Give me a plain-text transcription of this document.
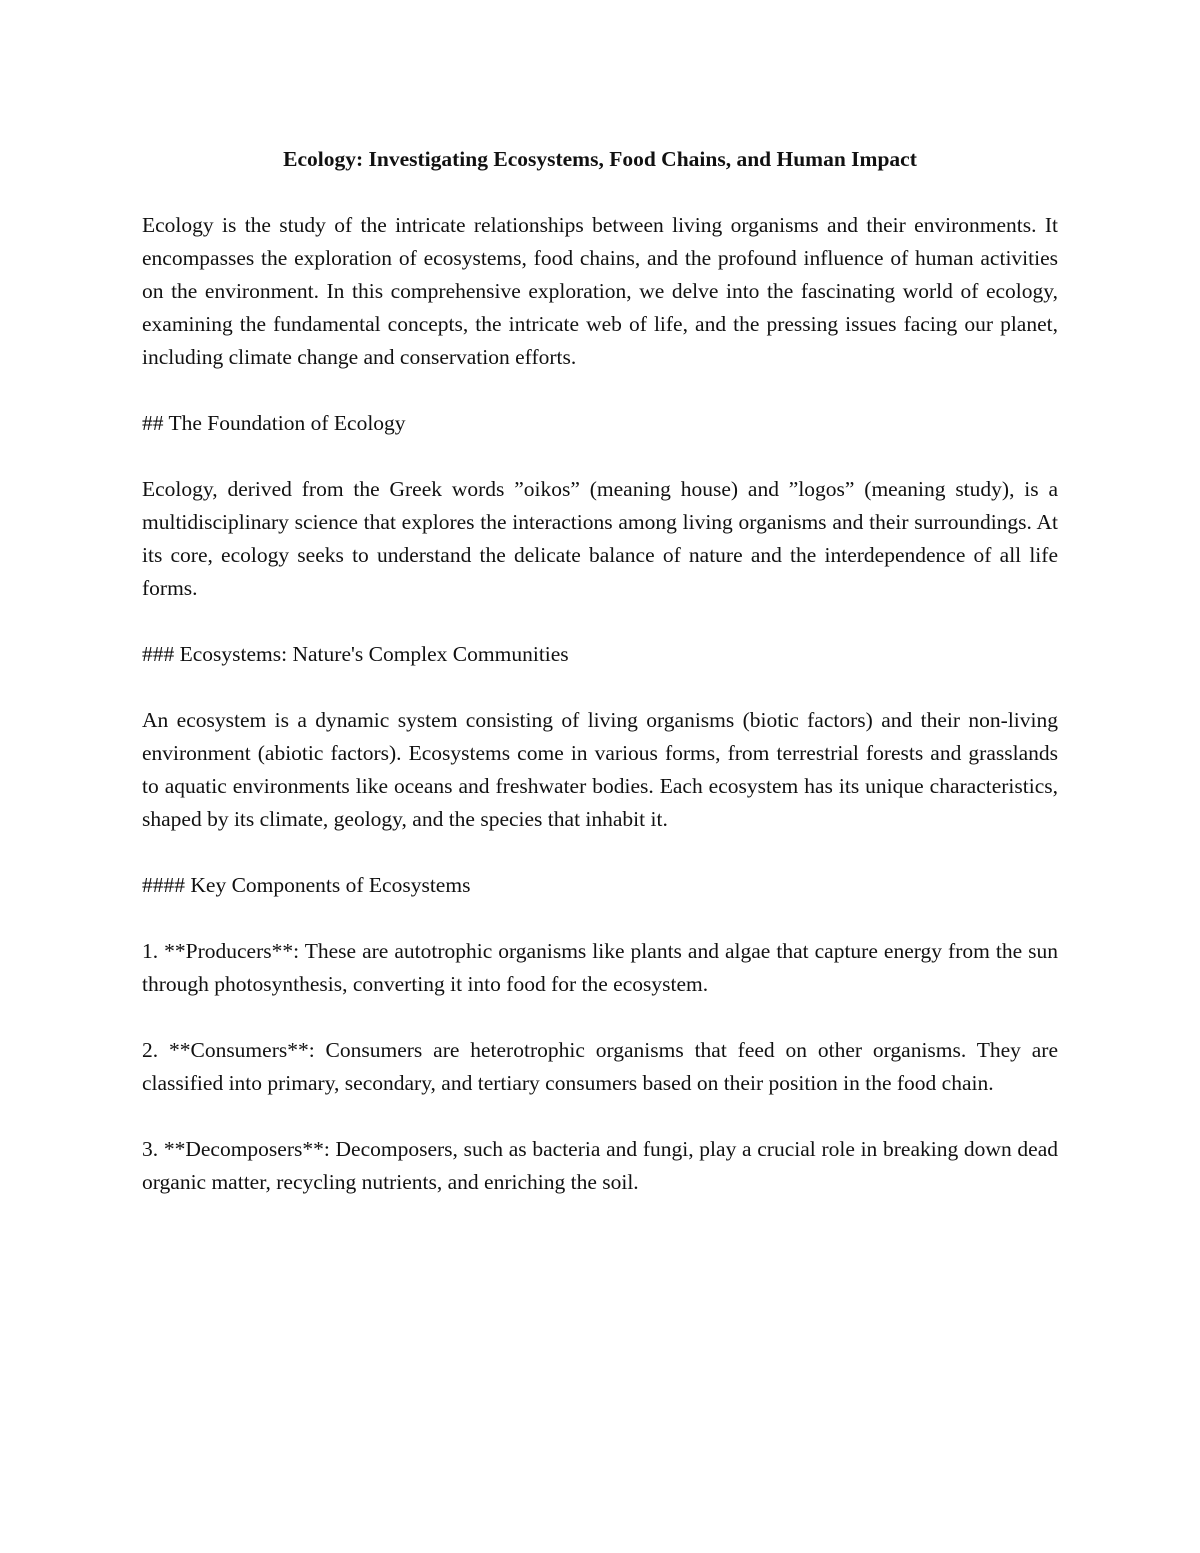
Ecology: Investigating Ecosystems, Food Chains, and Human Impact

Ecology is the study of the intricate relationships between living organisms and their environments. It encompasses the exploration of ecosystems, food chains, and the profound influence of human activities on the environment. In this comprehensive exploration, we delve into the fascinating world of ecology, examining the fundamental concepts, the intricate web of life, and the pressing issues facing our planet, including climate change and conservation efforts.

## The Foundation of Ecology

Ecology, derived from the Greek words ”oikos” (meaning house) and ”logos” (meaning study), is a multidisciplinary science that explores the interactions among living organisms and their surroundings. At its core, ecology seeks to understand the delicate balance of nature and the interdependence of all life forms.

### Ecosystems: Nature's Complex Communities

An ecosystem is a dynamic system consisting of living organisms (biotic factors) and their non-living environment (abiotic factors). Ecosystems come in various forms, from terrestrial forests and grasslands to aquatic environments like oceans and freshwater bodies. Each ecosystem has its unique characteristics, shaped by its climate, geology, and the species that inhabit it.

#### Key Components of Ecosystems

1. **Producers**: These are autotrophic organisms like plants and algae that capture energy from the sun through photosynthesis, converting it into food for the ecosystem.

2. **Consumers**: Consumers are heterotrophic organisms that feed on other organisms. They are classified into primary, secondary, and tertiary consumers based on their position in the food chain.

3. **Decomposers**: Decomposers, such as bacteria and fungi, play a crucial role in breaking down dead organic matter, recycling nutrients, and enriching the soil.
